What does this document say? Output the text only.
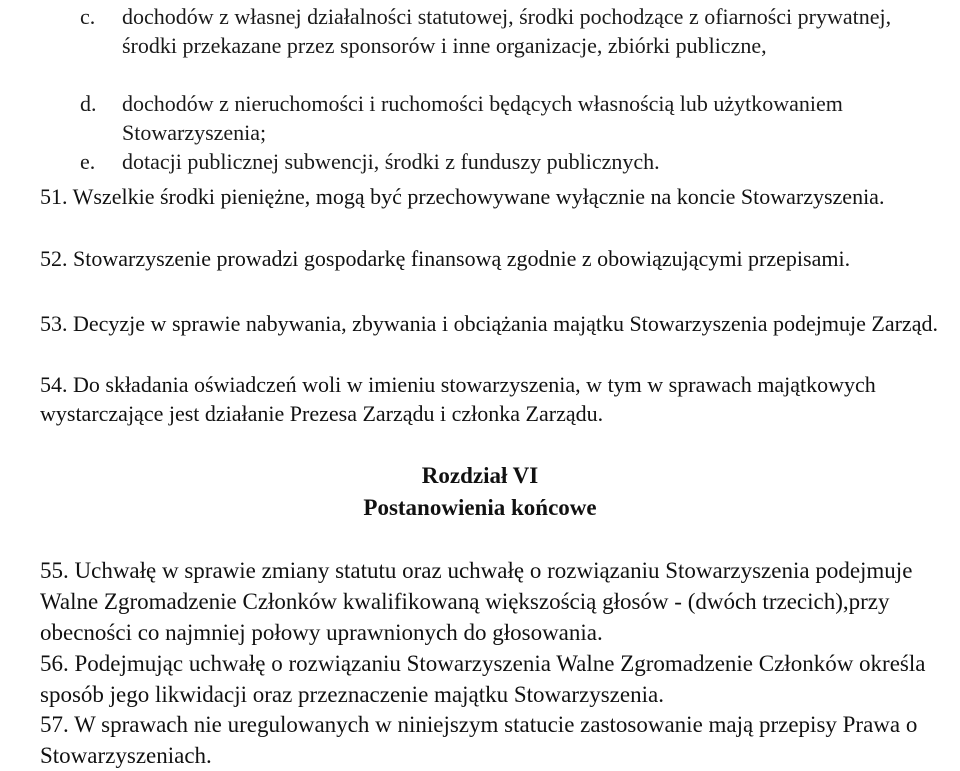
c.	dochodów z własnej działalności statutowej, środki pochodzące z ofiarności prywatnej, środki przekazane przez sponsorów i inne organizacje, zbiórki publiczne,
d.	dochodów z nieruchomości i ruchomości będących własnością lub użytkowaniem Stowarzyszenia;
e.	dotacji publicznej subwencji, środki z funduszy publicznych.
51. Wszelkie środki pieniężne, mogą być przechowywane wyłącznie na koncie Stowarzyszenia.
52. Stowarzyszenie prowadzi gospodarkę finansową zgodnie z obowiązującymi przepisami.
53. Decyzje w sprawie nabywania, zbywania i obciążania majątku Stowarzyszenia podejmuje Zarząd.
54. Do składania oświadczeń woli w imieniu stowarzyszenia, w tym w sprawach majątkowych wystarczające jest działanie Prezesa Zarządu i członka Zarządu.
Rozdział VI
Postanowienia końcowe
55. Uchwałę w sprawie zmiany statutu oraz uchwałę o rozwiązaniu Stowarzyszenia podejmuje Walne Zgromadzenie Członków kwalifikowaną większością głosów - (dwóch trzecich),przy obecności co najmniej połowy uprawnionych do głosowania.
56. Podejmując uchwałę o rozwiązaniu Stowarzyszenia Walne Zgromadzenie Członków określa sposób jego likwidacji oraz przeznaczenie majątku Stowarzyszenia.
57. W sprawach nie uregulowanych w niniejszym statucie zastosowanie mają przepisy Prawa o Stowarzyszeniach.
